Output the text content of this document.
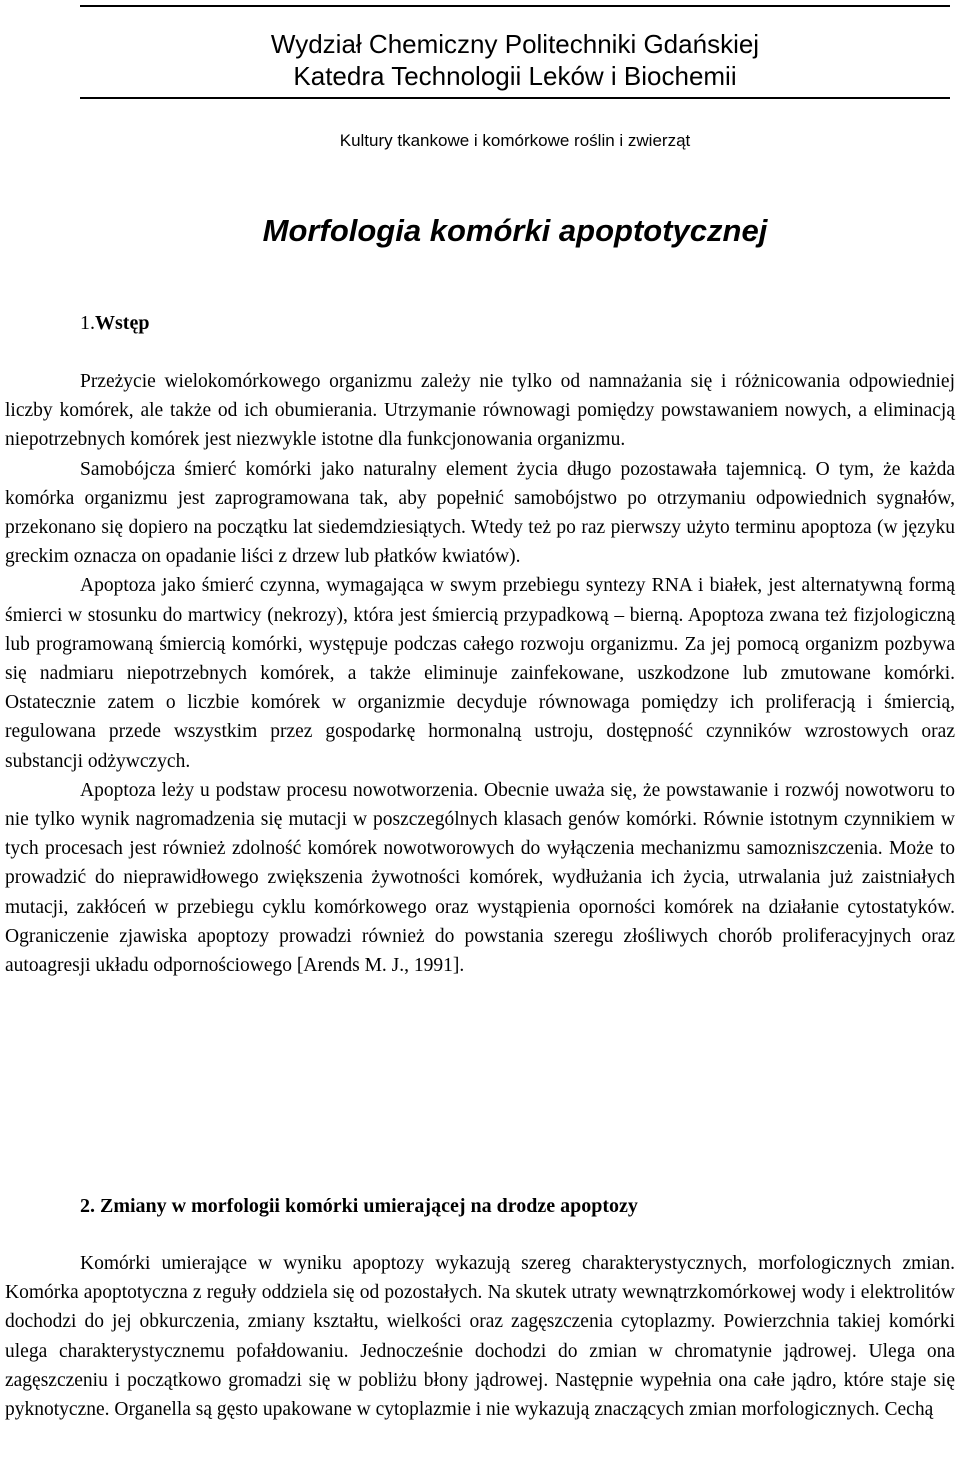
Wydział Chemiczny Politechniki Gdańskiej
Katedra Technologii Leków i Biochemii
Kultury tkankowe i komórkowe roślin i zwierząt
Morfologia komórki apoptotycznej
1.Wstęp

Przeżycie wielokomórkowego organizmu zależy nie tylko od namnażania się i różnicowania odpowiedniej liczby komórek, ale także od ich obumierania. Utrzymanie równowagi pomiędzy powstawaniem nowych, a eliminacją niepotrzebnych komórek jest niezwykle istotne dla funkcjonowania organizmu.

Samobójcza śmierć komórki jako naturalny element życia długo pozostawała tajemnicą. O tym, że każda komórka organizmu jest zaprogramowana tak, aby popełnić samobójstwo po otrzymaniu odpowiednich sygnałów, przekonano się dopiero na początku lat siedemdziesiątych. Wtedy też po raz pierwszy użyto terminu apoptoza (w języku greckim oznacza on opadanie liści z drzew lub płatków kwiatów).

Apoptoza jako śmierć czynna, wymagająca w swym przebiegu syntezy RNA i białek, jest alternatywną formą śmierci w stosunku do martwicy (nekrozy), która jest śmiercią przypadkową – bierną. Apoptoza zwana też fizjologiczną lub programowaną śmiercią komórki, występuje podczas całego rozwoju organizmu. Za jej pomocą organizm pozbywa się nadmiaru niepotrzebnych komórek, a także eliminuje zainfekowane, uszkodzone lub zmutowane komórki. Ostatecznie zatem o liczbie komórek w organizmie decyduje równowaga pomiędzy ich proliferacją i śmiercią, regulowana przede wszystkim przez gospodarkę hormonalną ustroju, dostępność czynników wzrostowych oraz substancji odżywczych.

Apoptoza leży u podstaw procesu nowotworzenia. Obecnie uważa się, że powstawanie i rozwój nowotworu to nie tylko wynik nagromadzenia się mutacji w poszczególnych klasach genów komórki. Równie istotnym czynnikiem w tych procesach jest również zdolność komórek nowotworowych do wyłączenia mechanizmu samozniszczenia. Może to prowadzić do nieprawidłowego zwiększenia żywotności komórek, wydłużania ich życia, utrwalania już zaistniałych mutacji, zakłóceń w przebiegu cyklu komórkowego oraz wystąpienia oporności komórek na działanie cytostatyków. Ograniczenie zjawiska apoptozy prowadzi również do powstania szeregu złośliwych chorób proliferacyjnych oraz autoagresji układu odpornościowego [Arends M. J., 1991].

2. Zmiany w morfologii komórki umierającej na drodze apoptozy

Komórki umierające w wyniku apoptozy wykazują szereg charakterystycznych, morfologicznych zmian. Komórka apoptotyczna z reguły oddziela się od pozostałych. Na skutek utraty wewnątrzkomórkowej wody i elektrolitów dochodzi do jej obkurczenia, zmiany kształtu, wielkości oraz zagęszczenia cytoplazmy. Powierzchnia takiej komórki ulega charakterystycznemu pofałdowaniu. Jednocześnie dochodzi do zmian w chromatynie jądrowej. Ulega ona zagęszczeniu i początkowo gromadzi się w pobliżu błony jądrowej. Następnie wypełnia ona całe jądro, które staje się pyknotyczne. Organella są gęsto upakowane w cytoplazmie i nie wykazują znaczących zmian morfologicznych. Cechą
